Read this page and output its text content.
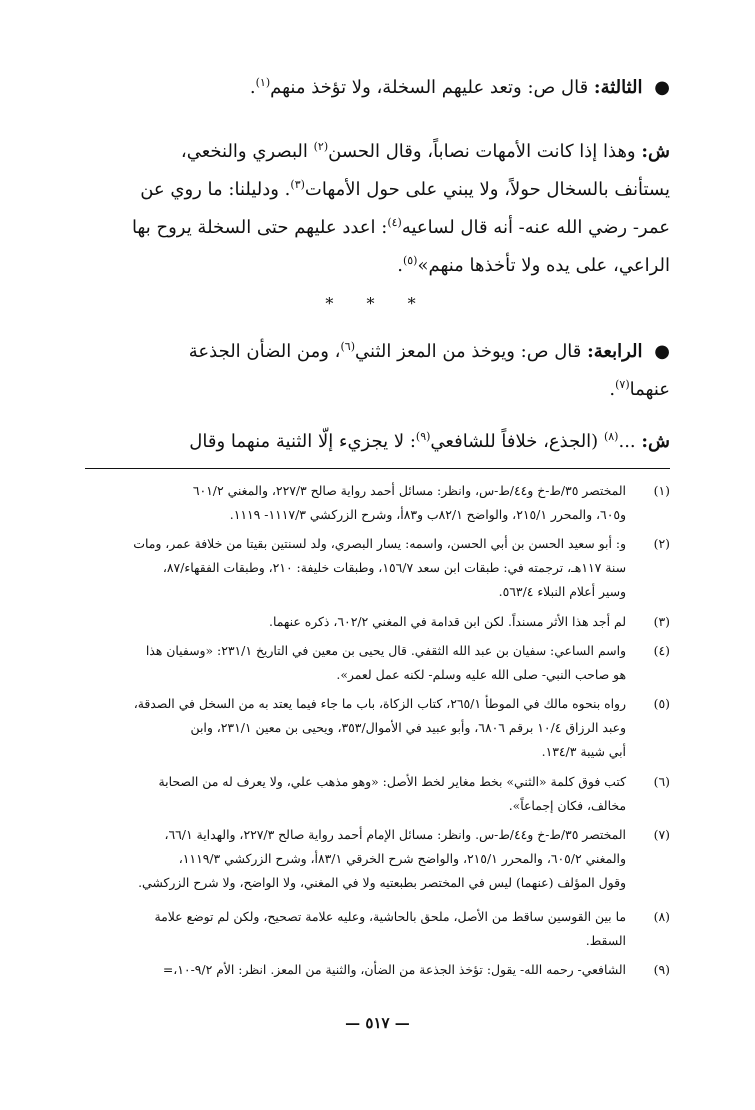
● الثالثة: قال ص: وتعد عليهم السخلة، ولا تؤخذ منهم$^{(١)}$.
ش: وهذا إذا كانت الأمهات نصاباً، وقال الحسن$^{(٢)}$ البصري والنخعي،
يستأنف بالسخال حولاً، ولا يبني على حول الأمهات$^{(٣)}$. ودليلنا: ما روي عن
عمر- رضي الله عنه- أنه قال لساعيه$^{(٤)}$: اعدد عليهم حتى السخلة يروح بها
الراعي، على يده ولا تأخذها منهم»$^{(٥)}$.
* * *
● الرابعة: قال ص: ويوخذ من المعز الثني$^{(٦)}$، ومن الضأن الجذعة
عنهما$^{(٧)}$.
ش: ...$^{(٨)}$ (الجذع، خلافاً للشافعي$^{(٩)}$: لا يجزيء إلّا الثنية منهما وقال
(١)
المختصر ٣٥/ط-خ و٤٤/ط-س، وانظر: مسائل أحمد رواية صالح ٢٢٧/٣، والمغني ٦٠١/٢
و٦٠٥، والمحرر ٢١٥/١، والواضح ٨٢/١ب و٨٣أ، وشرح الزركشي ١١١٧/٣- ١١١٩.
(٢)
و: أبو سعيد الحسن بن أبي الحسن، واسمه: يسار البصري، ولد لسنتين بقيتا من خلافة عمر، ومات
سنة ١١٧هـ، ترجمته في: طبقات ابن سعد ١٥٦/٧، وطبقات خليفة: ٢١٠، وطبقات الفقهاء/٨٧،
وسير أعلام النبلاء ٥٦٣/٤.
(٣)
لم أجد هذا الأثر مسنداً. لكن ابن قدامة في المغني ٦٠٢/٢، ذكره عنهما.
(٤)
واسم الساعي: سفيان بن عبد الله الثقفي. قال يحيى بن معين في التاريخ ٢٣١/١: «وسفيان هذا
هو صاحب النبي- صلى الله عليه وسلم- لكنه عمل لعمر».
(٥)
رواه بنحوه مالك في الموطأ ٢٦٥/١، كتاب الزكاة، باب ما جاء فيما يعتد به من السخل في الصدقة،
وعبد الرزاق ١٠/٤ برقم ٦٨٠٦، وأبو عبيد في الأموال/٣٥٣، ويحيى بن معين ٢٣١/١، وابن
أبي شيبة ١٣٤/٣.
(٦)
كتب فوق كلمة «الثني» بخط مغاير لخط الأصل: «وهو مذهب علي، ولا يعرف له من الصحابة
مخالف، فكان إجماعاً».
(٧)
المختصر ٣٥/ط-خ و٤٤/ط-س. وانظر: مسائل الإمام أحمد رواية صالح ٢٢٧/٣، والهداية ٦٦/١،
والمغني ٦٠٥/٢، والمحرر ٢١٥/١، والواضح شرح الخرقي ٨٣/١أ، وشرح الزركشي ١١١٩/٣،
وقول المؤلف (عنهما) ليس في المختصر بطبعتيه ولا في المغني، ولا الواضح، ولا شرح الزركشي.
(٨)
ما بين القوسين ساقط من الأصل، ملحق بالحاشية، وعليه علامة تصحيح، ولكن لم توضع علامة
السقط.
(٩)
الشافعي- رحمه الله- يقول: تؤخذ الجذعة من الضأن، والثنية من المعز. انظر: الأم ٩/٢-١٠،=
— ٥١٧ —
